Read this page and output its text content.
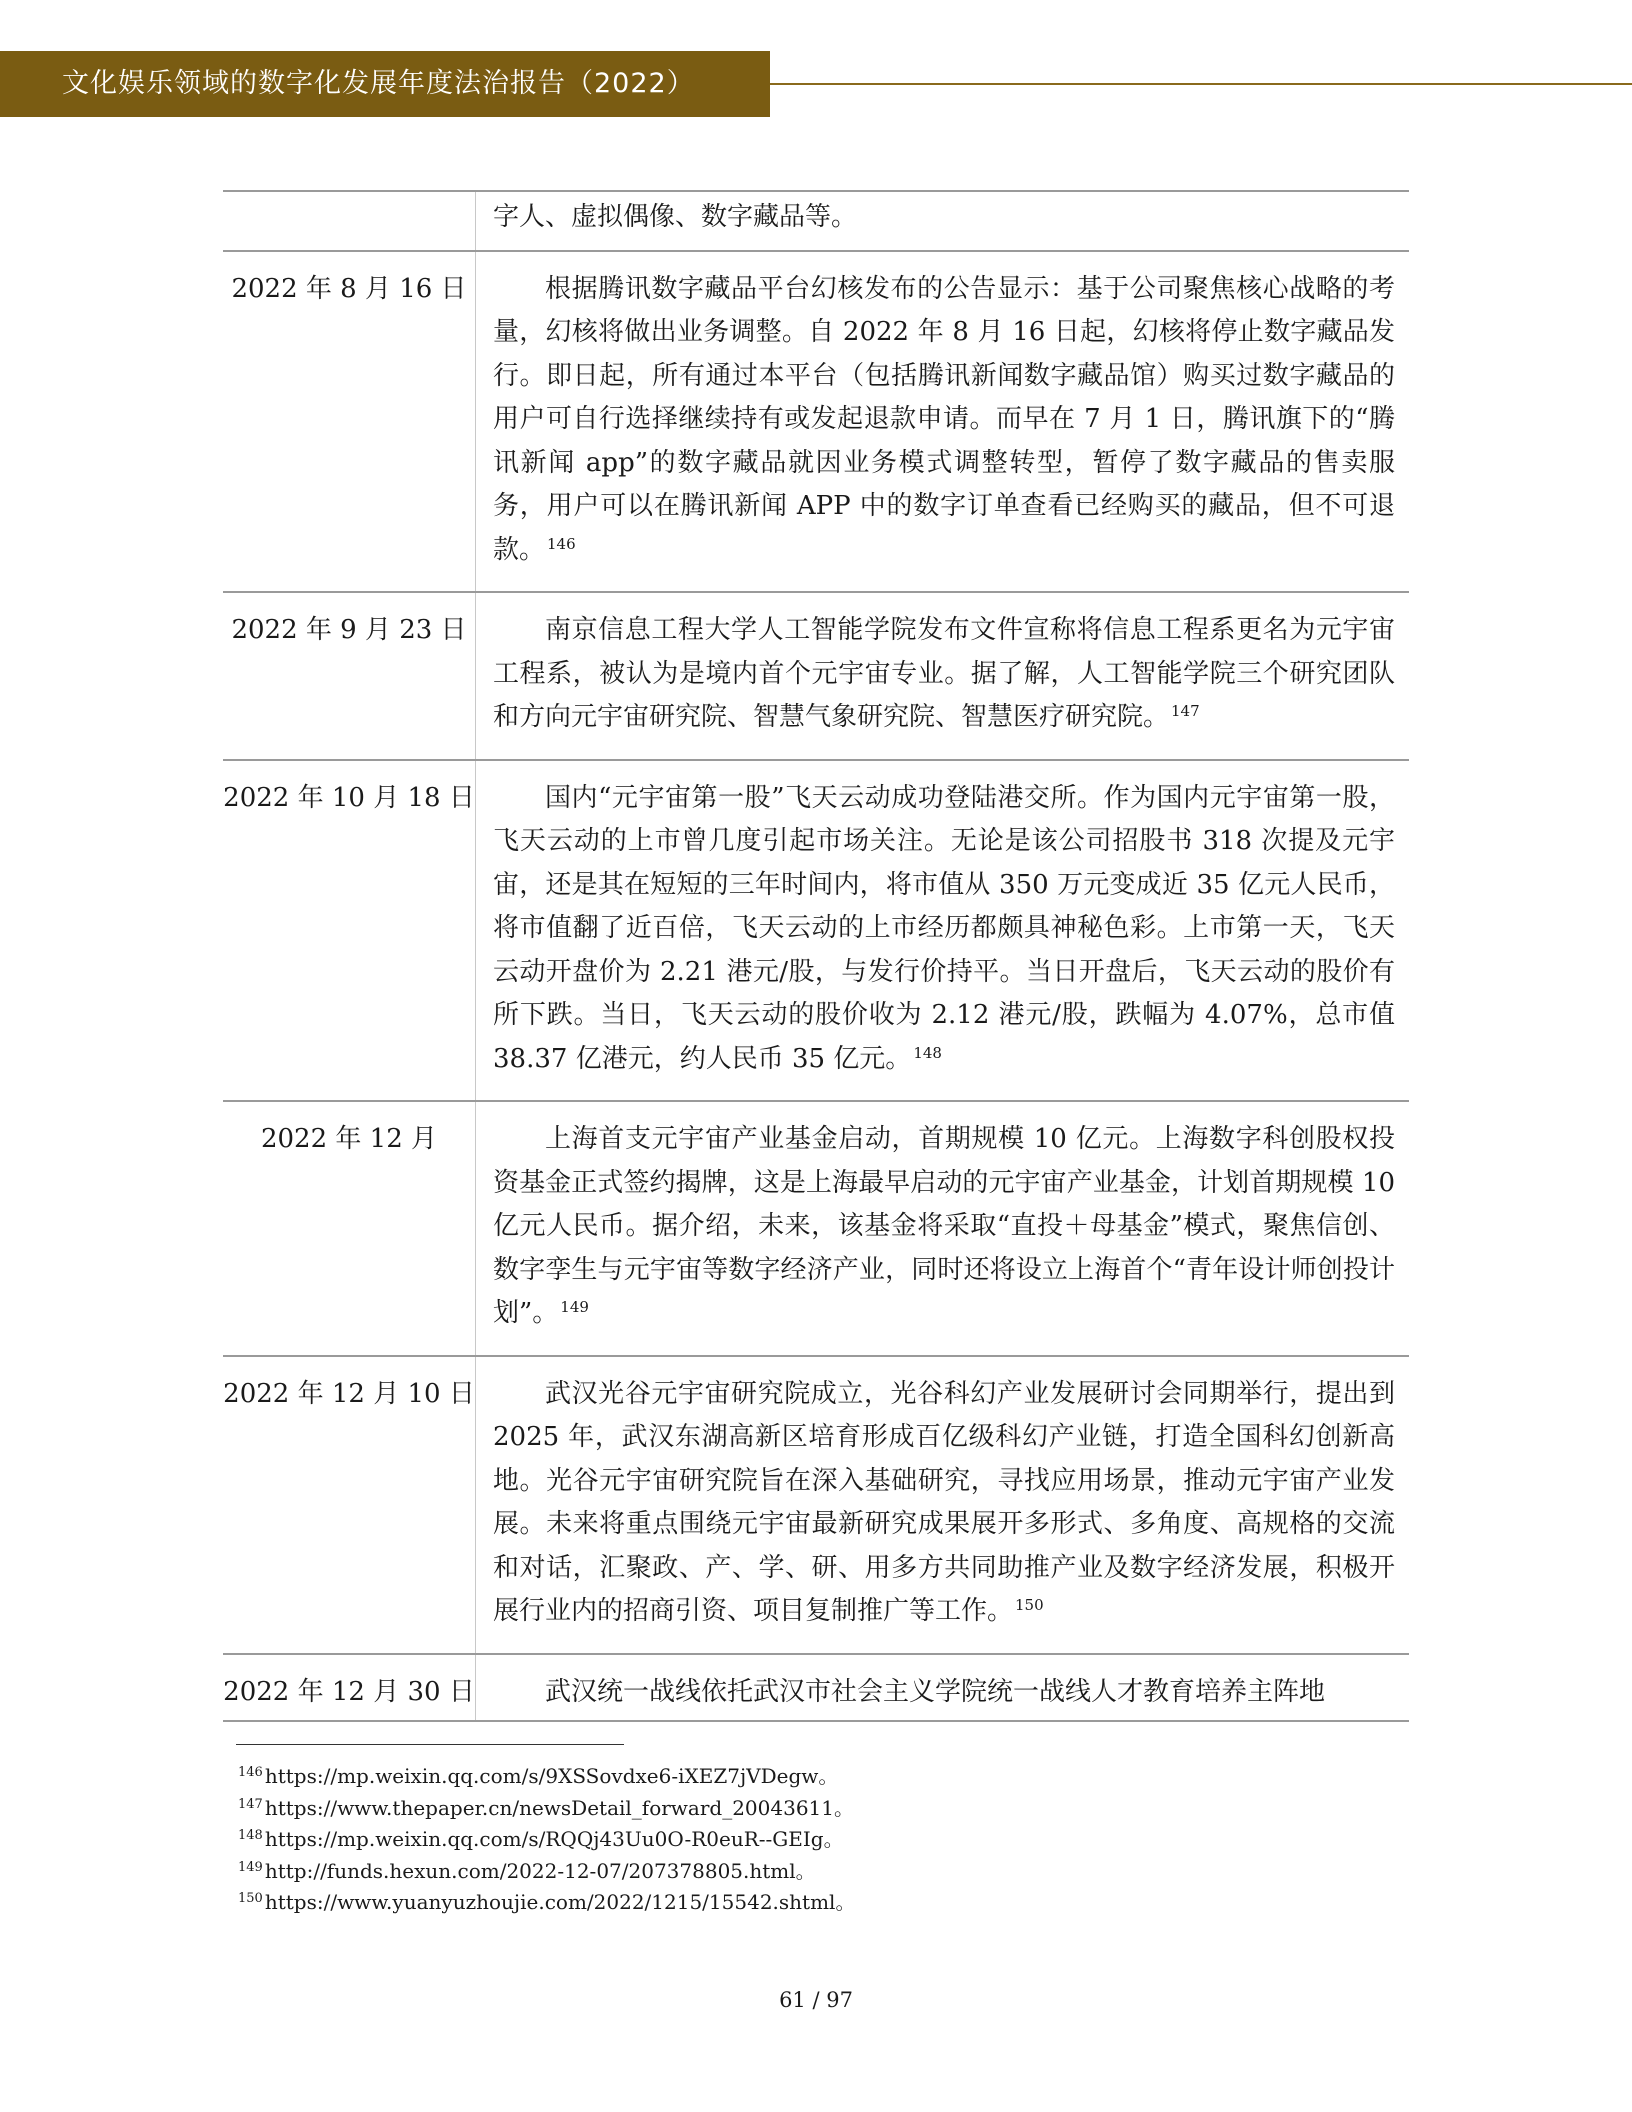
文化娱乐领域的数字化发展年度法治报告（2022）

	字人、虚拟偶像、数字藏品等。

2022 年 8 月 16 日	根据腾讯数字藏品平台幻核发布的公告显示：基于公司聚焦核心战略的考量，幻核将做出业务调整。自 2022 年 8 月 16 日起，幻核将停止数字藏品发行。即日起，所有通过本平台（包括腾讯新闻数字藏品馆）购买过数字藏品的用户可自行选择继续持有或发起退款申请。而早在 7 月 1 日，腾讯旗下的“腾讯新闻 app”的数字藏品就因业务模式调整转型，暂停了数字藏品的售卖服务，用户可以在腾讯新闻 APP 中的数字订单查看已经购买的藏品，但不可退款。 $^{146}$

2022 年 9 月 23 日	南京信息工程大学人工智能学院发布文件宣称将信息工程系更名为元宇宙工程系，被认为是境内首个元宇宙专业。据了解，人工智能学院三个研究团队和方向元宇宙研究院、智慧气象研究院、智慧医疗研究院。 $^{147}$

2022 年 10 月 18 日	国内“元宇宙第一股”飞天云动成功登陆港交所。作为国内元宇宙第一股，飞天云动的上市曾几度引起市场关注。无论是该公司招股书 318 次提及元宇宙，还是其在短短的三年时间内，将市值从 350 万元变成近 35 亿元人民币，将市值翻了近百倍，飞天云动的上市经历都颇具神秘色彩。上市第一天，飞天云动开盘价为 2.21 港元/股，与发行价持平。当日开盘后，飞天云动的股价有所下跌。当日，飞天云动的股价收为 2.12 港元/股，跌幅为 4.07%，总市值 38.37 亿港元，约人民币 35 亿元。 $^{148}$

2022 年 12 月	上海首支元宇宙产业基金启动，首期规模 10 亿元。上海数字科创股权投资基金正式签约揭牌，这是上海最早启动的元宇宙产业基金，计划首期规模 10 亿元人民币。据介绍，未来，该基金将采取“直投＋母基金”模式，聚焦信创、数字孪生与元宇宙等数字经济产业，同时还将设立上海首个“青年设计师创投计划”。 $^{149}$

2022 年 12 月 10 日	武汉光谷元宇宙研究院成立，光谷科幻产业发展研讨会同期举行，提出到 2025 年，武汉东湖高新区培育形成百亿级科幻产业链，打造全国科幻创新高地。光谷元宇宙研究院旨在深入基础研究，寻找应用场景，推动元宇宙产业发展。未来将重点围绕元宇宙最新研究成果展开多形式、多角度、高规格的交流和对话，汇聚政、产、学、研、用多方共同助推产业及数字经济发展，积极开展行业内的招商引资、项目复制推广等工作。 $^{150}$

2022 年 12 月 30 日	武汉统一战线依托武汉市社会主义学院统一战线人才教育培养主阵地
$^{146}$ https://mp.weixin.qq.com/s/9XSSovdxe6-iXEZ7jVDegw。
$^{147}$ https://www.thepaper.cn/newsDetail_forward_20043611。
$^{148}$ https://mp.weixin.qq.com/s/RQQj43Uu0O-R0euR--GEIg。
$^{149}$ http://funds.hexun.com/2022-12-07/207378805.html。
$^{150}$ https://www.yuanyuzhoujie.com/2022/1215/15542.shtml。
61 / 97
